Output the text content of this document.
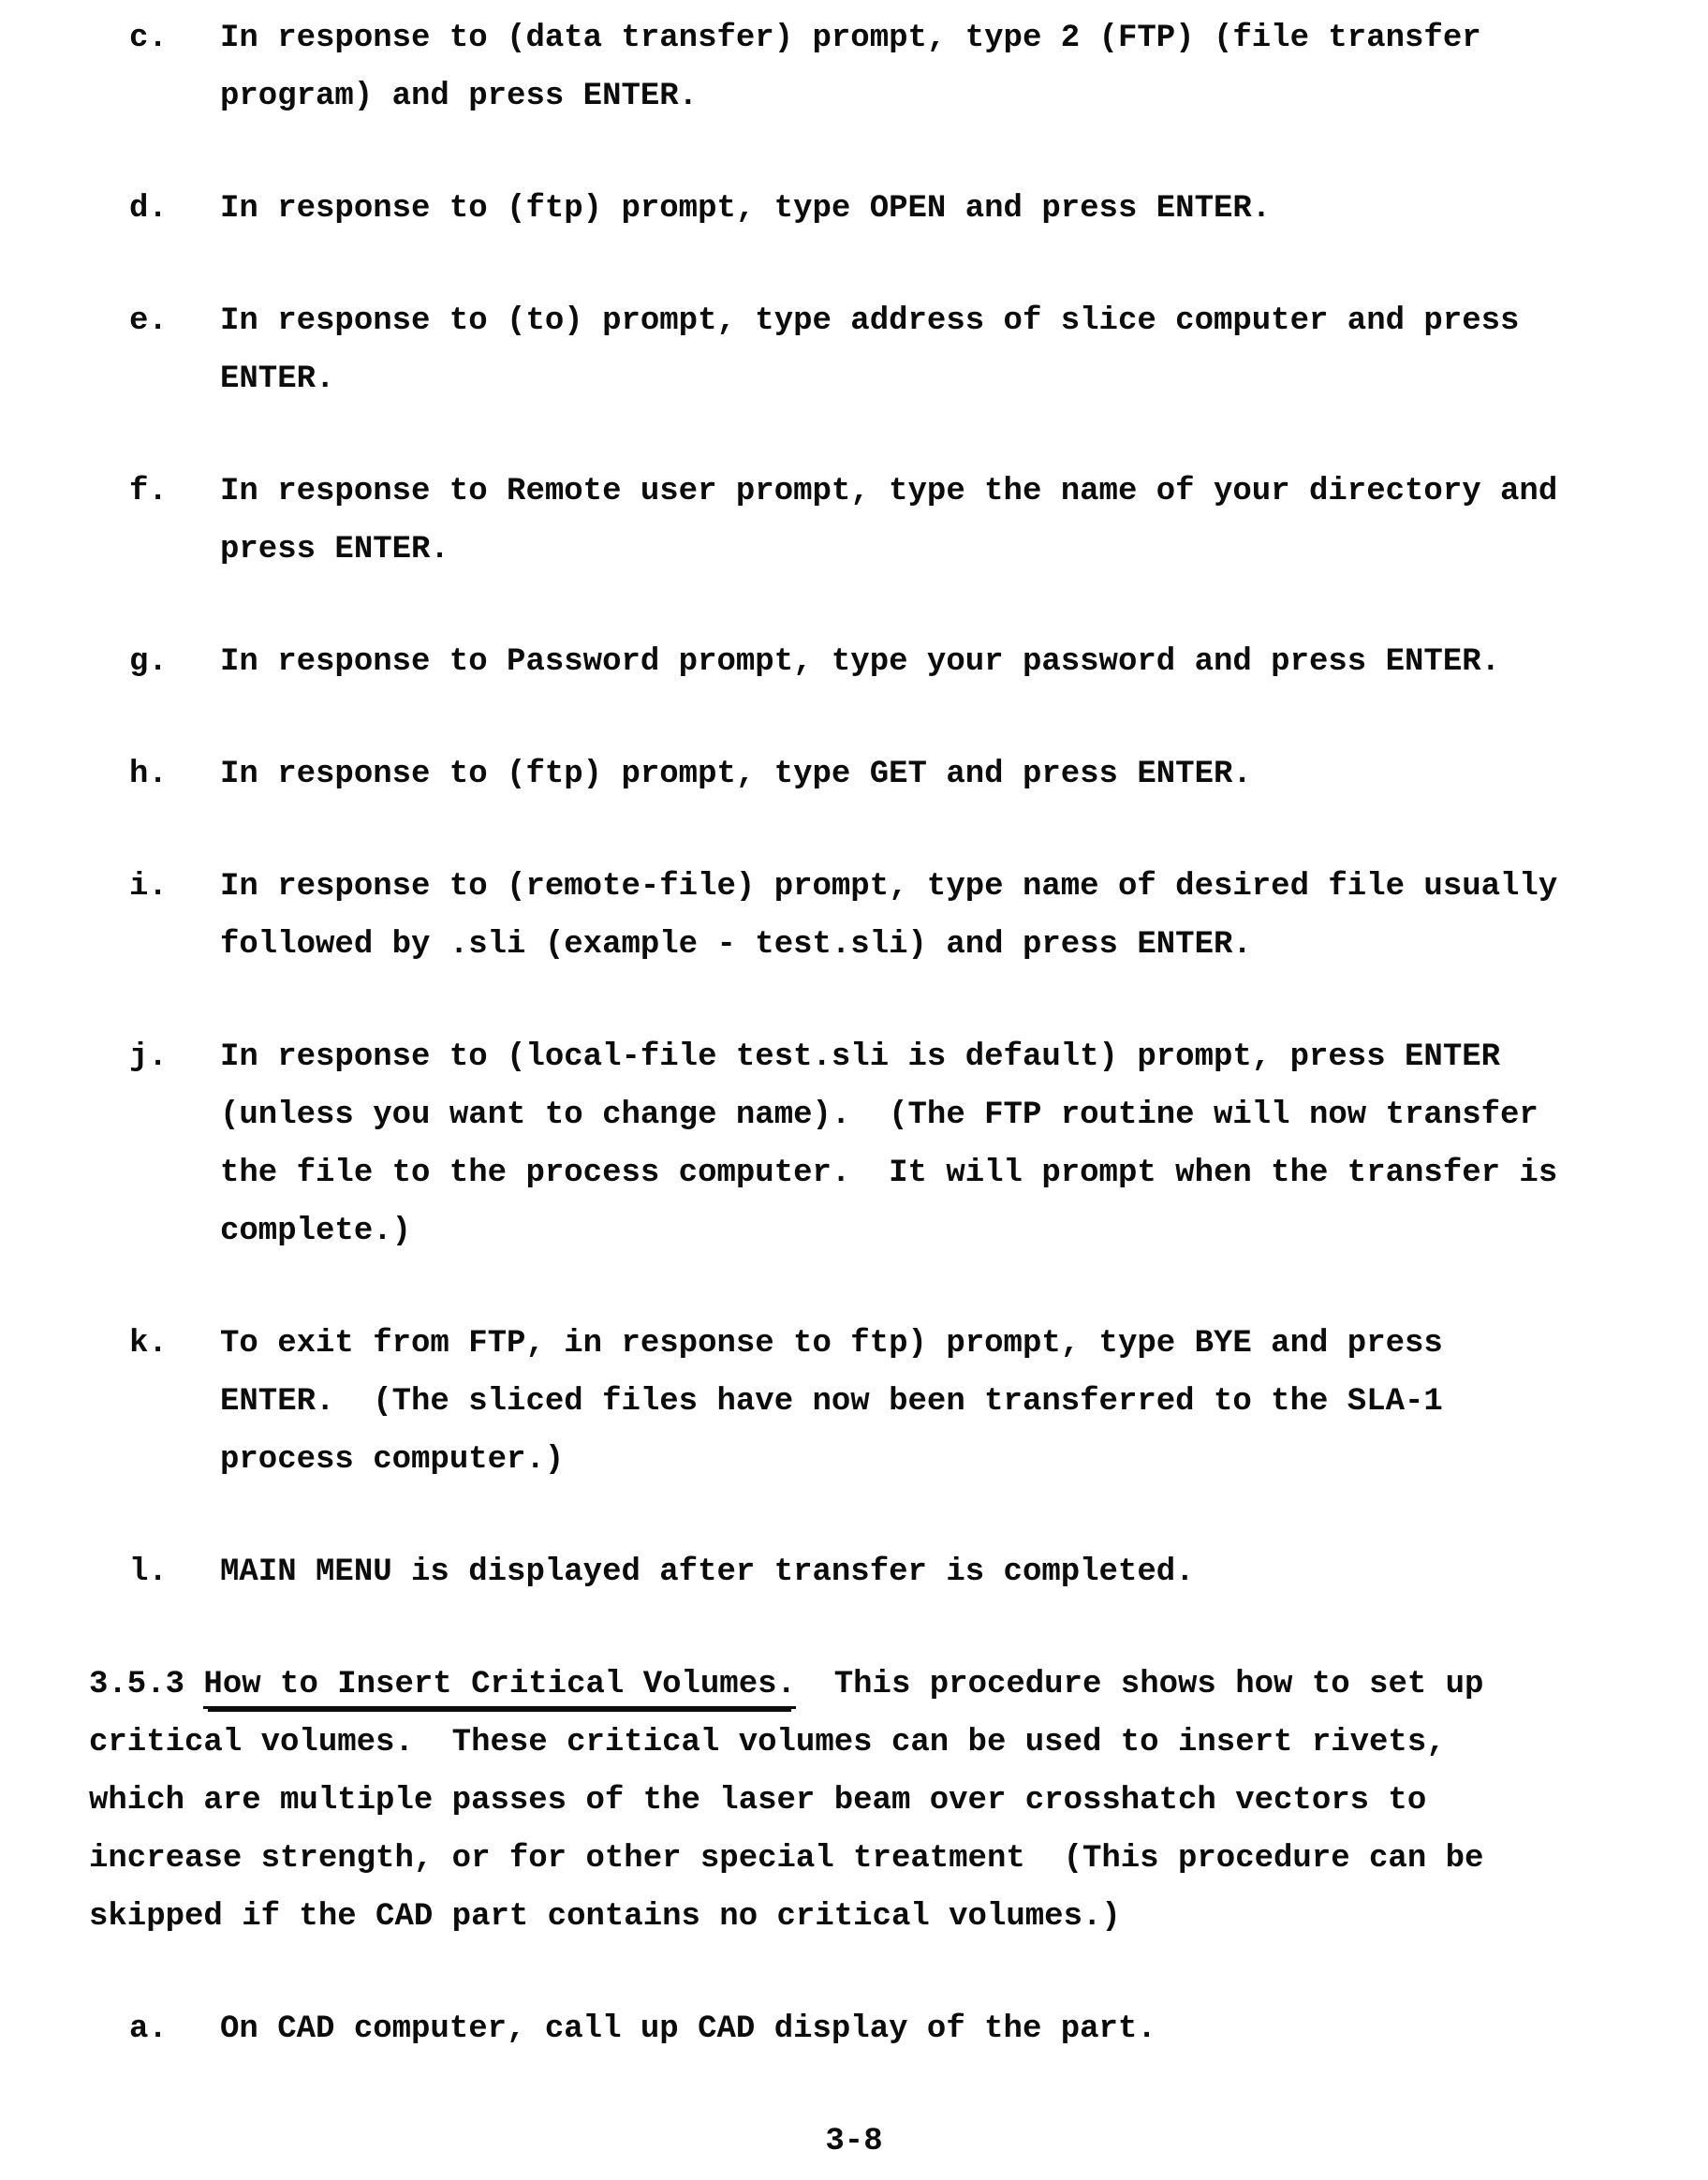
c.	In response to (data transfer) prompt, type 2 (FTP) (file transfer
program) and press ENTER.
d.	In response to (ftp) prompt, type OPEN and press ENTER.
e.	In response to (to) prompt, type address of slice computer and press
ENTER.
f.	In response to Remote user prompt, type the name of your directory and
press ENTER.
g.	In response to Password prompt, type your password and press ENTER.
h.	In response to (ftp) prompt, type GET and press ENTER.
i.	In response to (remote-file) prompt, type name of desired file usually
followed by .sli (example - test.sli) and press ENTER.
j.	In response to (local-file test.sli is default) prompt, press ENTER
(unless you want to change name).  (The FTP routine will now transfer
the file to the process computer.  It will prompt when the transfer is
complete.)
k.	To exit from FTP, in response to ftp) prompt, type BYE and press
ENTER.  (The sliced files have now been transferred to the SLA-1
process computer.)
l.	MAIN MENU is displayed after transfer is completed.
3.5.3 How to Insert Critical Volumes.  This procedure shows how to set up
critical volumes.  These critical volumes can be used to insert rivets,
which are multiple passes of the laser beam over crosshatch vectors to
increase strength, or for other special treatment  (This procedure can be
skipped if the CAD part contains no critical volumes.)
a.	On CAD computer, call up CAD display of the part.
3-8
